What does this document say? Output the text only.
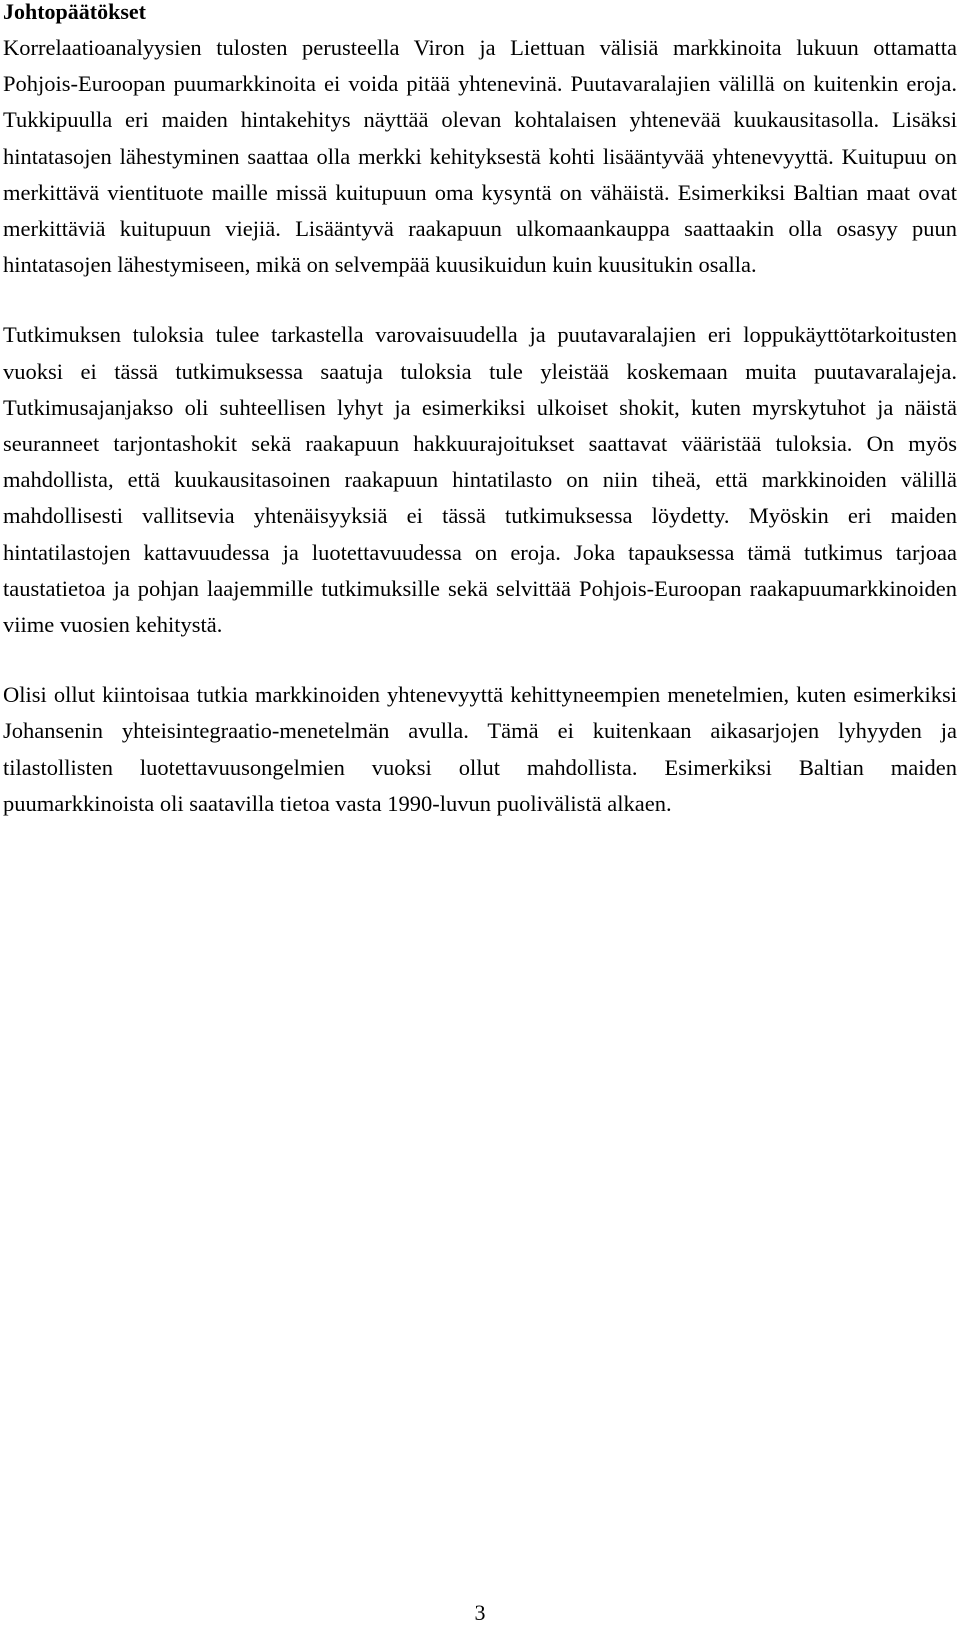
Johtopäätökset

Korrelaatioanalyysien tulosten perusteella Viron ja Liettuan välisiä markkinoita lukuun ottamatta Pohjois-Euroopan puumarkkinoita ei voida pitää yhtenevinä. Puutavaralajien välillä on kuitenkin eroja. Tukkipuulla eri maiden hintakehitys näyttää olevan kohtalaisen yhtenevää kuukausitasolla. Lisäksi hintatasojen lähestyminen saattaa olla merkki kehityksestä kohti lisääntyvää yhtenevyyttä. Kuitupuu on merkittävä vientituote maille missä kuitupuun oma kysyntä on vähäistä. Esimerkiksi Baltian maat ovat merkittäviä kuitupuun viejiä. Lisääntyvä raakapuun ulkomaankauppa saattaakin olla osasyy puun hintatasojen lähestymiseen, mikä on selvempää kuusikuidun kuin kuusitukin osalla.

Tutkimuksen tuloksia tulee tarkastella varovaisuudella ja puutavaralajien eri loppukäyttötarkoitusten vuoksi ei tässä tutkimuksessa saatuja tuloksia tule yleistää koskemaan muita puutavaralajeja. Tutkimusajanjakso oli suhteellisen lyhyt ja esimerkiksi ulkoiset shokit, kuten myrskytuhot ja näistä seuranneet tarjontashokit sekä raakapuun hakkuurajoitukset saattavat vääristää tuloksia. On myös mahdollista, että kuukausitasoinen raakapuun hintatilasto on niin tiheä, että markkinoiden välillä mahdollisesti vallitsevia yhtenäisyyksiä ei tässä tutkimuksessa löydetty. Myöskin eri maiden hintatilastojen kattavuudessa ja luotettavuudessa on eroja. Joka tapauksessa tämä tutkimus tarjoaa taustatietoa ja pohjan laajemmille tutkimuksille sekä selvittää Pohjois-Euroopan raakapuumarkkinoiden viime vuosien kehitystä.

Olisi ollut kiintoisaa tutkia markkinoiden yhtenevyyttä kehittyneempien menetelmien, kuten esimerkiksi Johansenin yhteisintegraatio-menetelmän avulla. Tämä ei kuitenkaan aikasarjojen lyhyyden ja tilastollisten luotettavuusongelmien vuoksi ollut mahdollista. Esimerkiksi Baltian maiden puumarkkinoista oli saatavilla tietoa vasta 1990-luvun puolivälistä alkaen.

3
